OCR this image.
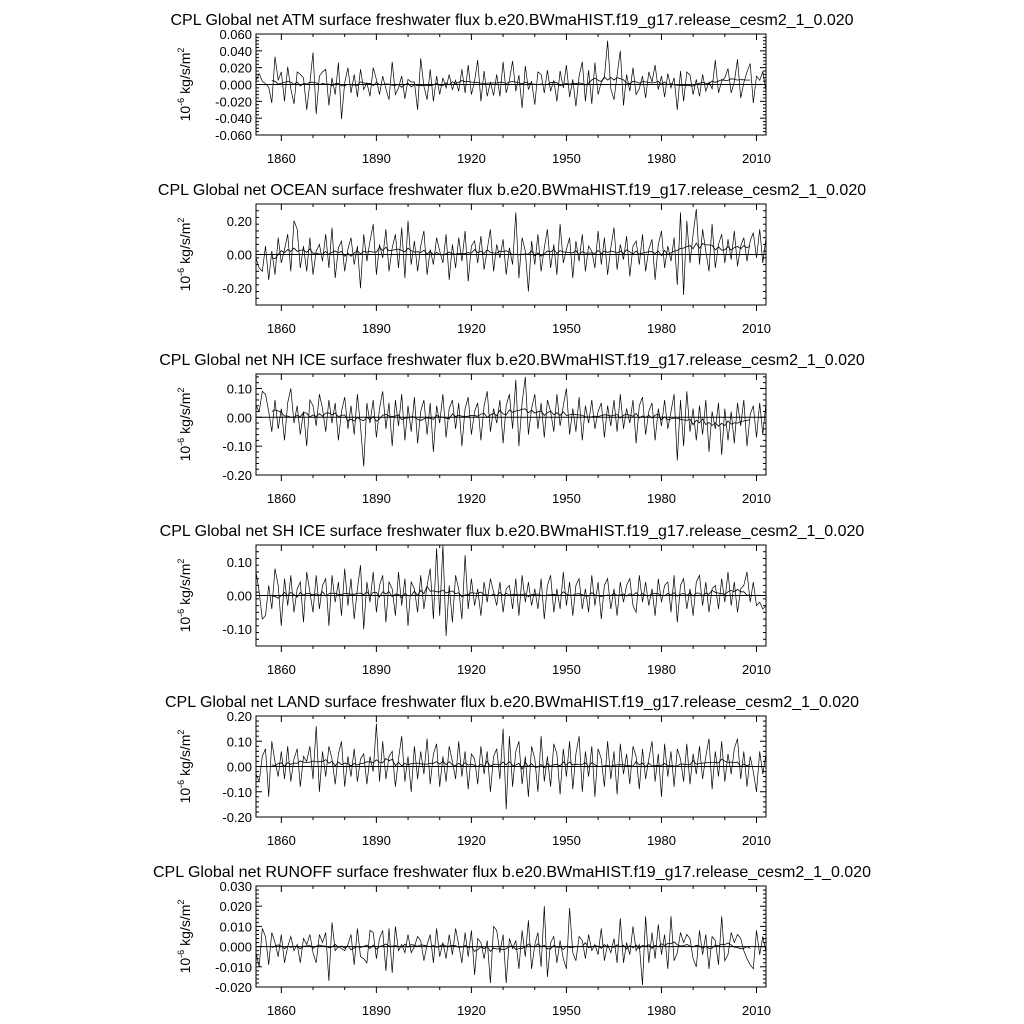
CPL Global net ATM surface freshwater flux b.e20.BWmaHIST.f19_g17.release_cesm2_1_0.020
$10^{-6}kg/s/m^2$
1860	1890	1920	1950	1980	2010
-0.060
-0.040
-0.020
0.000
0.020
0.040
0.060
CPL Global net OCEAN surface freshwater flux b.e20.BWmaHIST.f19_g17.release_cesm2_1_0.020
$10^{-6}kg/s/m^2$
1860	1890	1920	1950	1980	2010
-0.20
0.00
0.20
CPL Global net NH ICE surface freshwater flux b.e20.BWmaHIST.f19_g17.release_cesm2_1_0.020
$10^{-6}kg/s/m^2$
1860	1890	1920	1950	1980	2010
-0.20
-0.10
0.00
0.10
CPL Global net SH ICE surface freshwater flux b.e20.BWmaHIST.f19_g17.release_cesm2_1_0.020
$10^{-6}kg/s/m^2$
1860	1890	1920	1950	1980	2010
-0.10
0.00
0.10
CPL Global net LAND surface freshwater flux b.e20.BWmaHIST.f19_g17.release_cesm2_1_0.020
$10^{-6}kg/s/m^2$
1860	1890	1920	1950	1980	2010
-0.20
-0.10
0.00
0.10
0.20
CPL Global net RUNOFF surface freshwater flux b.e20.BWmaHIST.f19_g17.release_cesm2_1_0.020
$10^{-6}kg/s/m^2$
1860	1890	1920	1950	1980	2010
-0.020
-0.010
0.000
0.010
0.020
0.030
